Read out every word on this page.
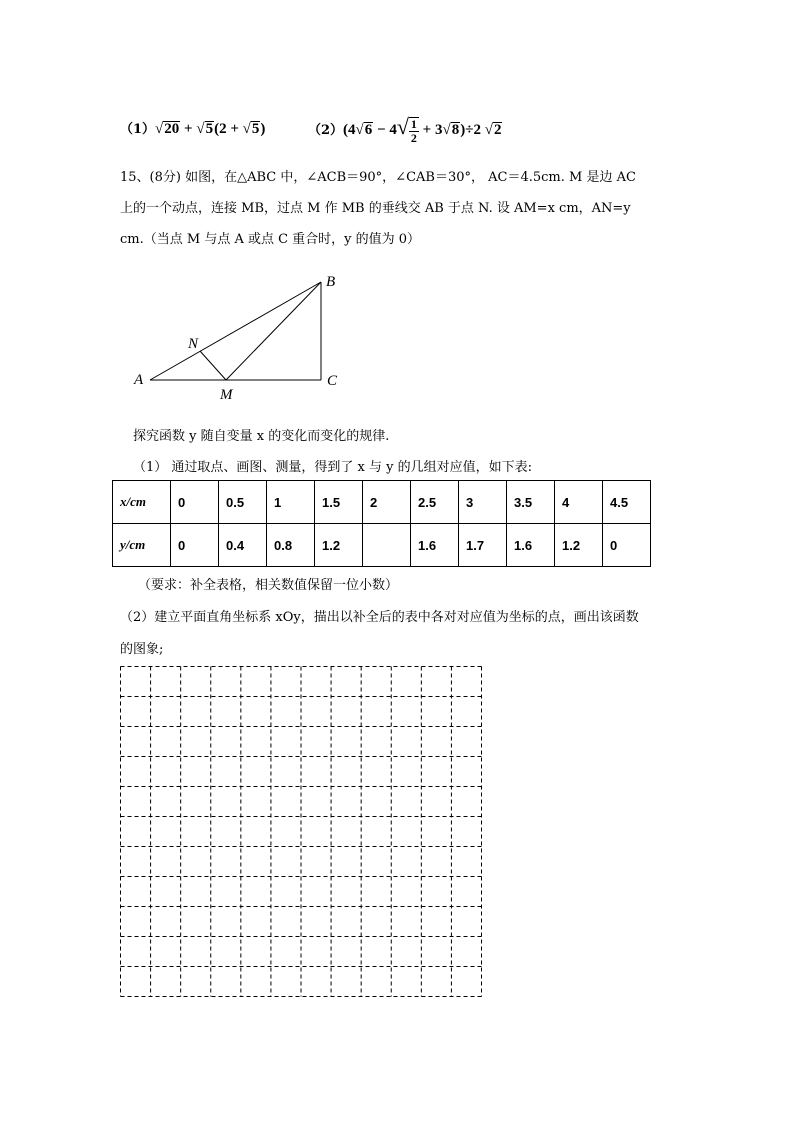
（1）√20 + √5(2 + √5)	$(2)(4√6 - 4√ \frac{1}{2} + 3√8)\div 2$ √2
15、(8分) 如图，在△ABC 中，∠ACB＝90°，∠CAB＝30°， AC＝4.5cm. M 是边 AC
上的一个动点，连接 MB，过点 M 作 MB 的垂线交 AB 于点 N. 设 AM=x cm，AN=y
cm.（当点 M 与点 A 或点 C 重合时，y 的值为 0）
A
B
C
M
N
探究函数 y 随自变量 x 的变化而变化的规律.
（1） 通过取点、画图、测量，得到了 x 与 y 的几组对应值，如下表:
x/cm	0	0.5	1	1.5	2	2.5	3	3.5	4	4.5
y/cm	0	0.4	0.8	1.2		1.6	1.7	1.6	1.2	0
（要求：补全表格，相关数值保留一位小数）
（2）建立平面直角坐标系 xOy，描出以补全后的表中各对对应值为坐标的点，画出该函数
的图象;
